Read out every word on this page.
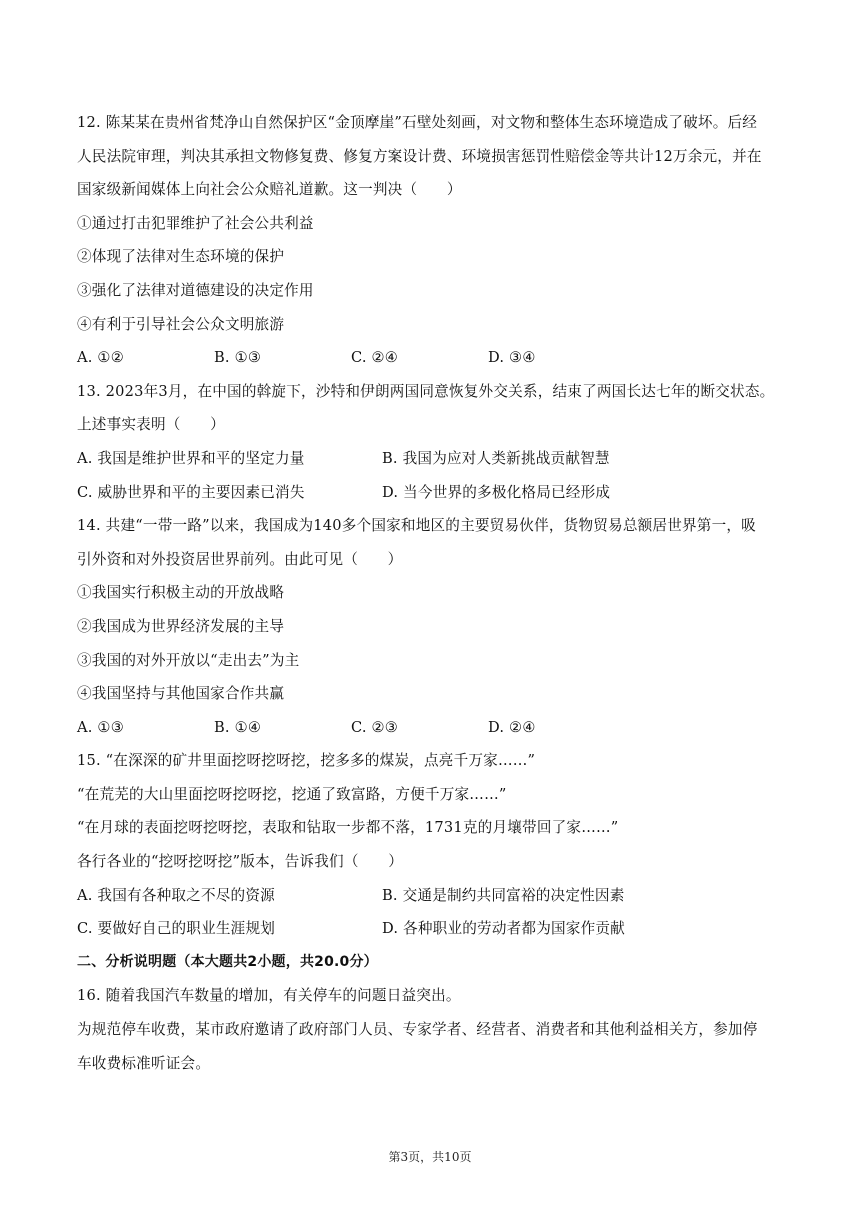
12. 陈某某在贵州省梵净山自然保护区“金顶摩崖”石壁处刻画，对文物和整体生态环境造成了破坏。后经
人民法院审理，判决其承担文物修复费、修复方案设计费、环境损害惩罚性赔偿金等共计12万余元，并在
国家级新闻媒体上向社会公众赔礼道歉。这一判决（　　）
①通过打击犯罪维护了社会公共利益
②体现了法律对生态环境的保护
③强化了法律对道德建设的决定作用
④有利于引导社会公众文明旅游
A. ①②	B. ①③	C. ②④	D. ③④
13. 2023年3月，在中国的斡旋下，沙特和伊朗两国同意恢复外交关系，结束了两国长达七年的断交状态。
上述事实表明（　　）
A. 我国是维护世界和平的坚定力量	B. 我国为应对人类新挑战贡献智慧
C. 威胁世界和平的主要因素已消失	D. 当今世界的多极化格局已经形成
14. 共建“一带一路”以来，我国成为140多个国家和地区的主要贸易伙伴，货物贸易总额居世界第一，吸
引外资和对外投资居世界前列。由此可见（　　）
①我国实行积极主动的开放战略
②我国成为世界经济发展的主导
③我国的对外开放以“走出去”为主
④我国坚持与其他国家合作共赢
A. ①③	B. ①④	C. ②③	D. ②④
15. “在深深的矿井里面挖呀挖呀挖，挖多多的煤炭，点亮千万家……”
“在荒芜的大山里面挖呀挖呀挖，挖通了致富路，方便千万家……”
“在月球的表面挖呀挖呀挖，表取和钻取一步都不落，1731克的月壤带回了家……”
各行各业的“挖呀挖呀挖”版本，告诉我们（　　）
A. 我国有各种取之不尽的资源	B. 交通是制约共同富裕的决定性因素
C. 要做好自己的职业生涯规划	D. 各种职业的劳动者都为国家作贡献
二、分析说明题（本大题共2小题，共20.0分）
16. 随着我国汽车数量的增加，有关停车的问题日益突出。
为规范停车收费，某市政府邀请了政府部门人员、专家学者、经营者、消费者和其他利益相关方，参加停
车收费标准听证会。
第3页，共10页
